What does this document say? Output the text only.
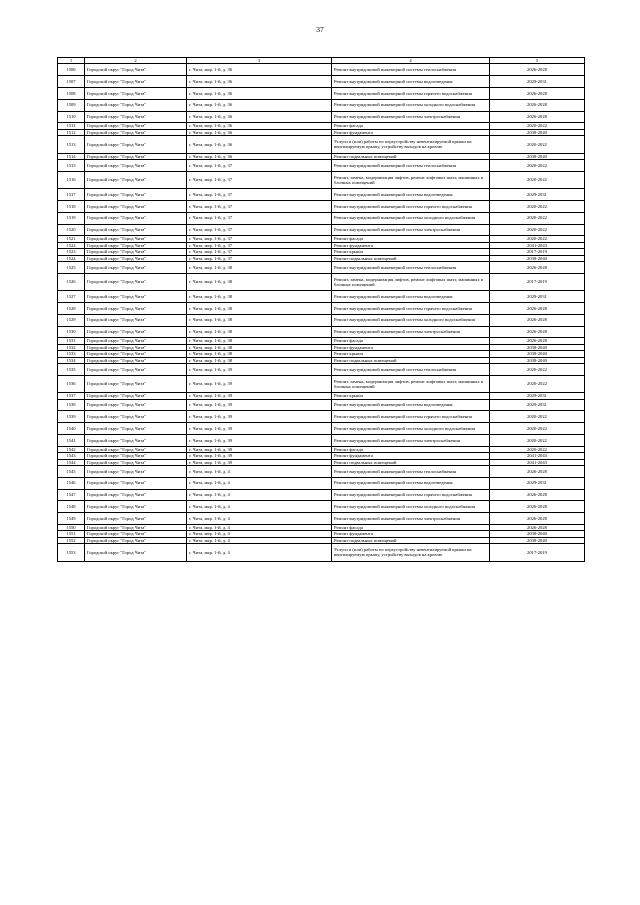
37
1	2	3	4	5
1506	Городской округ "Город Чита"	г. Чита, мкр. 1-й, д. 36	Ремонт внутридомовой инженерной системы теплоснабжения	2026-2028
1507	Городской округ "Город Чита"	г. Чита, мкр. 1-й, д. 36	Ремонт внутридомовой инженерной системы водоотведения	2029-2031
1508	Городской округ "Город Чита"	г. Чита, мкр. 1-й, д. 36	Ремонт внутридомовой инженерной системы горячего водоснабжения	2026-2028
1509	Городской округ "Город Чита"	г. Чита, мкр. 1-й, д. 36	Ремонт внутридомовой инженерной системы холодного водоснабжения	2026-2028
1510	Городской округ "Город Чита"	г. Чита, мкр. 1-й, д. 36	Ремонт внутридомовой инженерной системы электроснабжения	2026-2028
1511	Городской округ "Город Чита"	г. Чита, мкр. 1-й, д. 36	Ремонт фасада	2020-2022
1512	Городской округ "Город Чита"	г. Чита, мкр. 1-й, д. 36	Ремонт фундамента	2038-2040
1513	Городской округ "Город Чита"	г. Чита, мкр. 1-й, д. 36	Услуги и (или) работы по переустройству невентилируемой крыши на вентилируемую крышу, устройству выходов на кровлю	2020-2022
1514	Городской округ "Город Чита"	г. Чита, мкр. 1-й, д. 36	Ремонт подвальных помещений	2038-2040
1515	Городской округ "Город Чита"	г. Чита, мкр. 1-й, д. 37	Ремонт внутридомовой инженерной системы теплоснабжения	2020-2022
1516	Городской округ "Город Чита"	г. Чита, мкр. 1-й, д. 37	Ремонт, замена, модернизация лифтов, ремонт лифтовых шахт, машинных и блочных помещений	2020-2022
1517	Городской округ "Город Чита"	г. Чита, мкр. 1-й, д. 37	Ремонт внутридомовой инженерной системы водоотведения	2029-2031
1518	Городской округ "Город Чита"	г. Чита, мкр. 1-й, д. 37	Ремонт внутридомовой инженерной системы горячего водоснабжения	2020-2022
1519	Городской округ "Город Чита"	г. Чита, мкр. 1-й, д. 37	Ремонт внутридомовой инженерной системы холодного водоснабжения	2020-2022
1520	Городской округ "Город Чита"	г. Чита, мкр. 1-й, д. 37	Ремонт внутридомовой инженерной системы электроснабжения	2020-2022
1521	Городской округ "Город Чита"	г. Чита, мкр. 1-й, д. 37	Ремонт фасада	2020-2022
1522	Городской округ "Город Чита"	г. Чита, мкр. 1-й, д. 37	Ремонт фундамента	2041-2043
1523	Городской округ "Город Чита"	г. Чита, мкр. 1-й, д. 37	Ремонт крыши	2017-2019
1524	Городской округ "Город Чита"	г. Чита, мкр. 1-й, д. 37	Ремонт подвальных помещений	2038-2040
1525	Городской округ "Город Чита"	г. Чита, мкр. 1-й, д. 38	Ремонт внутридомовой инженерной системы теплоснабжения	2026-2028
1526	Городской округ "Город Чита"	г. Чита, мкр. 1-й, д. 38	Ремонт, замена, модернизация лифтов, ремонт лифтовых шахт, машинных и блочных помещений	2017-2019
1527	Городской округ "Город Чита"	г. Чита, мкр. 1-й, д. 38	Ремонт внутридомовой инженерной системы водоотведения	2029-2031
1528	Городской округ "Город Чита"	г. Чита, мкр. 1-й, д. 38	Ремонт внутридомовой инженерной системы горячего водоснабжения	2026-2028
1529	Городской округ "Город Чита"	г. Чита, мкр. 1-й, д. 38	Ремонт внутридомовой инженерной системы холодного водоснабжения	2026-2028
1530	Городской округ "Город Чита"	г. Чита, мкр. 1-й, д. 38	Ремонт внутридомовой инженерной системы электроснабжения	2026-2028
1531	Городской округ "Город Чита"	г. Чита, мкр. 1-й, д. 38	Ремонт фасада	2026-2028
1532	Городской округ "Город Чита"	г. Чита, мкр. 1-й, д. 38	Ремонт фундамента	2038-2040
1533	Городской округ "Город Чита"	г. Чита, мкр. 1-й, д. 38	Ремонт крыши	2038-2040
1534	Городской округ "Город Чита"	г. Чита, мкр. 1-й, д. 38	Ремонт подвальных помещений	2038-2040
1535	Городской округ "Город Чита"	г. Чита, мкр. 1-й, д. 39	Ремонт внутридомовой инженерной системы теплоснабжения	2020-2022
1536	Городской округ "Город Чита"	г. Чита, мкр. 1-й, д. 39	Ремонт, замена, модернизация лифтов, ремонт лифтовых шахт, машинных и блочных помещений	2020-2022
1537	Городской округ "Город Чита"	г. Чита, мкр. 1-й, д. 39	Ремонт крыши	2029-2031
1538	Городской округ "Город Чита"	г. Чита, мкр. 1-й, д. 39	Ремонт внутридомовой инженерной системы водоотведения	2029-2031
1539	Городской округ "Город Чита"	г. Чита, мкр. 1-й, д. 39	Ремонт внутридомовой инженерной системы горячего водоснабжения	2020-2022
1540	Городской округ "Город Чита"	г. Чита, мкр. 1-й, д. 39	Ремонт внутридомовой инженерной системы холодного водоснабжения	2020-2022
1541	Городской округ "Город Чита"	г. Чита, мкр. 1-й, д. 39	Ремонт внутридомовой инженерной системы электроснабжения	2020-2022
1542	Городской округ "Город Чита"	г. Чита, мкр. 1-й, д. 39	Ремонт фасада	2020-2022
1543	Городской округ "Город Чита"	г. Чита, мкр. 1-й, д. 39	Ремонт фундамента	2041-2043
1544	Городской округ "Город Чита"	г. Чита, мкр. 1-й, д. 39	Ремонт подвальных помещений	2041-2043
1545	Городской округ "Город Чита"	г. Чита, мкр. 1-й, д. 4	Ремонт внутридомовой инженерной системы теплоснабжения	2026-2028
1546	Городской округ "Город Чита"	г. Чита, мкр. 1-й, д. 4	Ремонт внутридомовой инженерной системы водоотведения	2029-2031
1547	Городской округ "Город Чита"	г. Чита, мкр. 1-й, д. 4	Ремонт внутридомовой инженерной системы горячего водоснабжения	2026-2028
1548	Городской округ "Город Чита"	г. Чита, мкр. 1-й, д. 4	Ремонт внутридомовой инженерной системы холодного водоснабжения	2026-2028
1549	Городской округ "Город Чита"	г. Чита, мкр. 1-й, д. 4	Ремонт внутридомовой инженерной системы электроснабжения	2026-2028
1550	Городской округ "Город Чита"	г. Чита, мкр. 1-й, д. 4	Ремонт фасада	2026-2028
1551	Городской округ "Город Чита"	г. Чита, мкр. 1-й, д. 4	Ремонт фундамента	2038-2040
1552	Городской округ "Город Чита"	г. Чита, мкр. 1-й, д. 4	Ремонт подвальных помещений	2038-2040
1553	Городской округ "Город Чита"	г. Чита, мкр. 1-й, д. 4	Услуги и (или) работы по переустройству невентилируемой крыши на вентилируемую крышу, устройству выходов на кровлю	2017-2019
